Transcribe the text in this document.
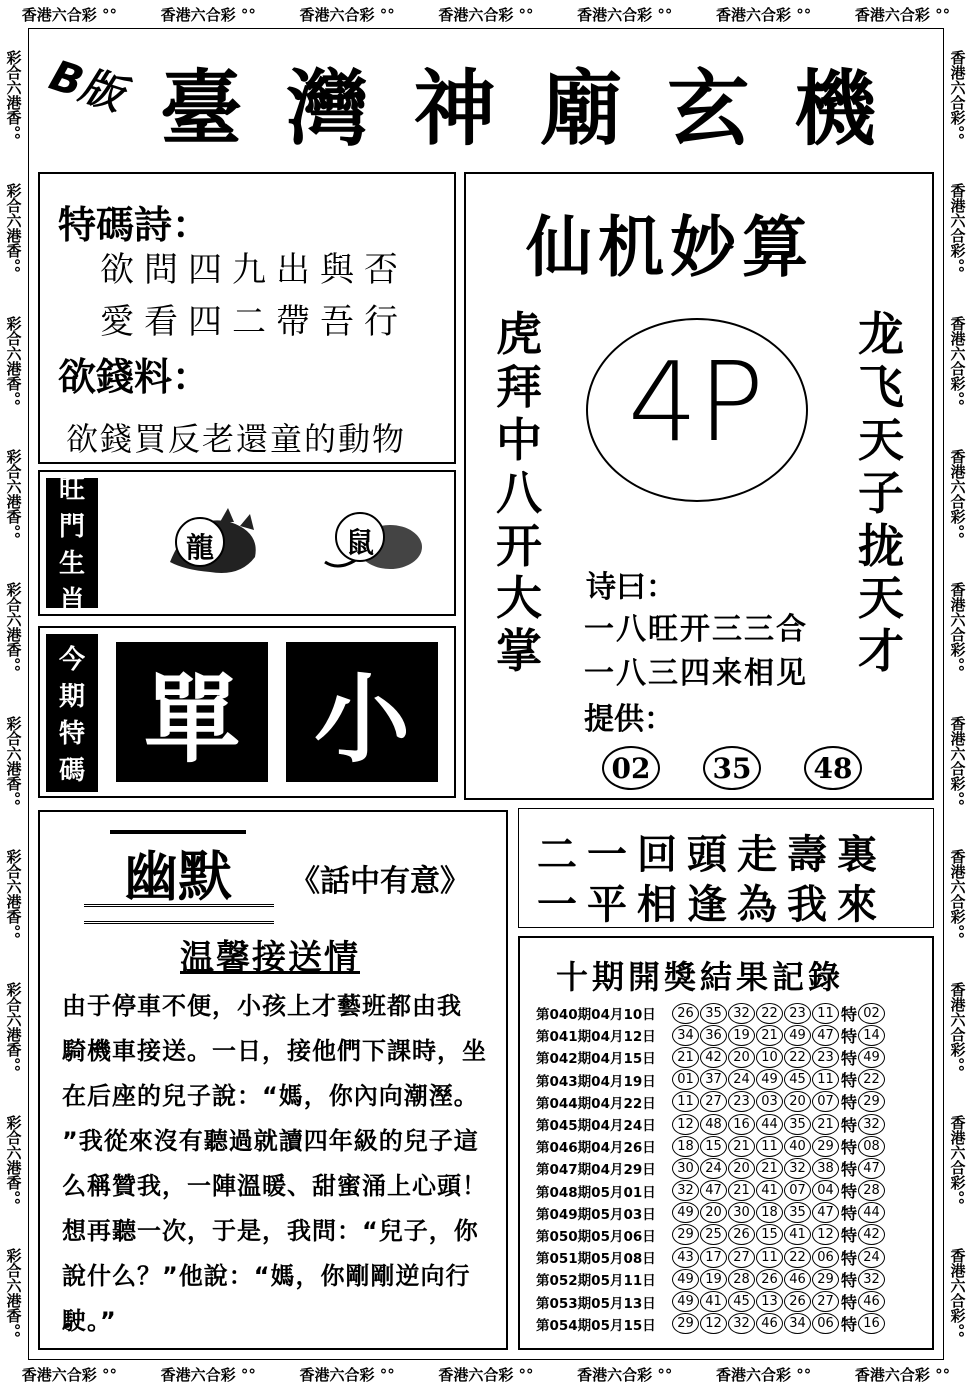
香港六合彩 °°	香港六合彩 °°	香港六合彩 °°	香港六合彩 °°	香港六合彩 °°	香港六合彩 °°	香港六合彩 °°
香港六合彩 °°	香港六合彩 °°	香港六合彩 °°	香港六合彩 °°	香港六合彩 °°	香港六合彩 °°	香港六合彩 °°
彩合六港香°°
彩合六港香°°
彩合六港香°°
彩合六港香°°
彩合六港香°°
彩合六港香°°
彩合六港香°°
彩合六港香°°
彩合六港香°°
彩合六港香°°
香港六合彩°°
香港六合彩°°
香港六合彩°°
香港六合彩°°
香港六合彩°°
香港六合彩°°
香港六合彩°°
香港六合彩°°
香港六合彩°°
香港六合彩°°
B版 臺 灣 神 廟 玄 機
特碼詩：
欲問四九出與否
愛看四二帶吾行
欲錢料：
欲錢買反老還童的動物
旺
門
生
肖
龍	鼠
今
期
特
碼 單 小
仙机妙算
虎
拜
中
八
开
大
掌
龙
飞
天
子
拢
天
才
4P
诗曰：
一八旺开三三合
一八三四来相见
提供：
02	35	48
幽默	《話中有意》
温馨接送情

由于停車不便，小孩上才藝班都由我

騎機車接送。一日，接他們下課時，坐

在后座的兒子說：“媽，你內向潮溼。

”我從來沒有聽過就讀四年級的兒子這

么稱贊我，一陣溫暖、甜蜜涌上心頭！

想再聽一次，于是，我問：“兒子，你

說什么？”他說：“媽，你剛剛逆向行

駛。”

二一回頭走壽裏
一平相逢為我來
十期開獎結果記錄
第040期04月10日	26 35 32 22 23 11 特 02
第041期04月12日	34 36 19 21 49 47 特 14
第042期04月15日	21 42 20 10 22 23 特 49
第043期04月19日	01 37 24 49 45 11 特 22
第044期04月22日	11 27 23 03 20 07 特 29
第045期04月24日	12 48 16 44 35 21 特 32
第046期04月26日	18 15 21 11 40 29 特 08
第047期04月29日	30 24 20 21 32 38 特 47
第048期05月01日	32 47 21 41 07 04 特 28
第049期05月03日	49 20 30 18 35 47 特 44
第050期05月06日	29 25 26 15 41 12 特 42
第051期05月08日	43 17 27 11 22 06 特 24
第052期05月11日	49 19 28 26 46 29 特 32
第053期05月13日	49 41 45 13 26 27 特 46
第054期05月15日	29 12 32 46 34 06 特 16
